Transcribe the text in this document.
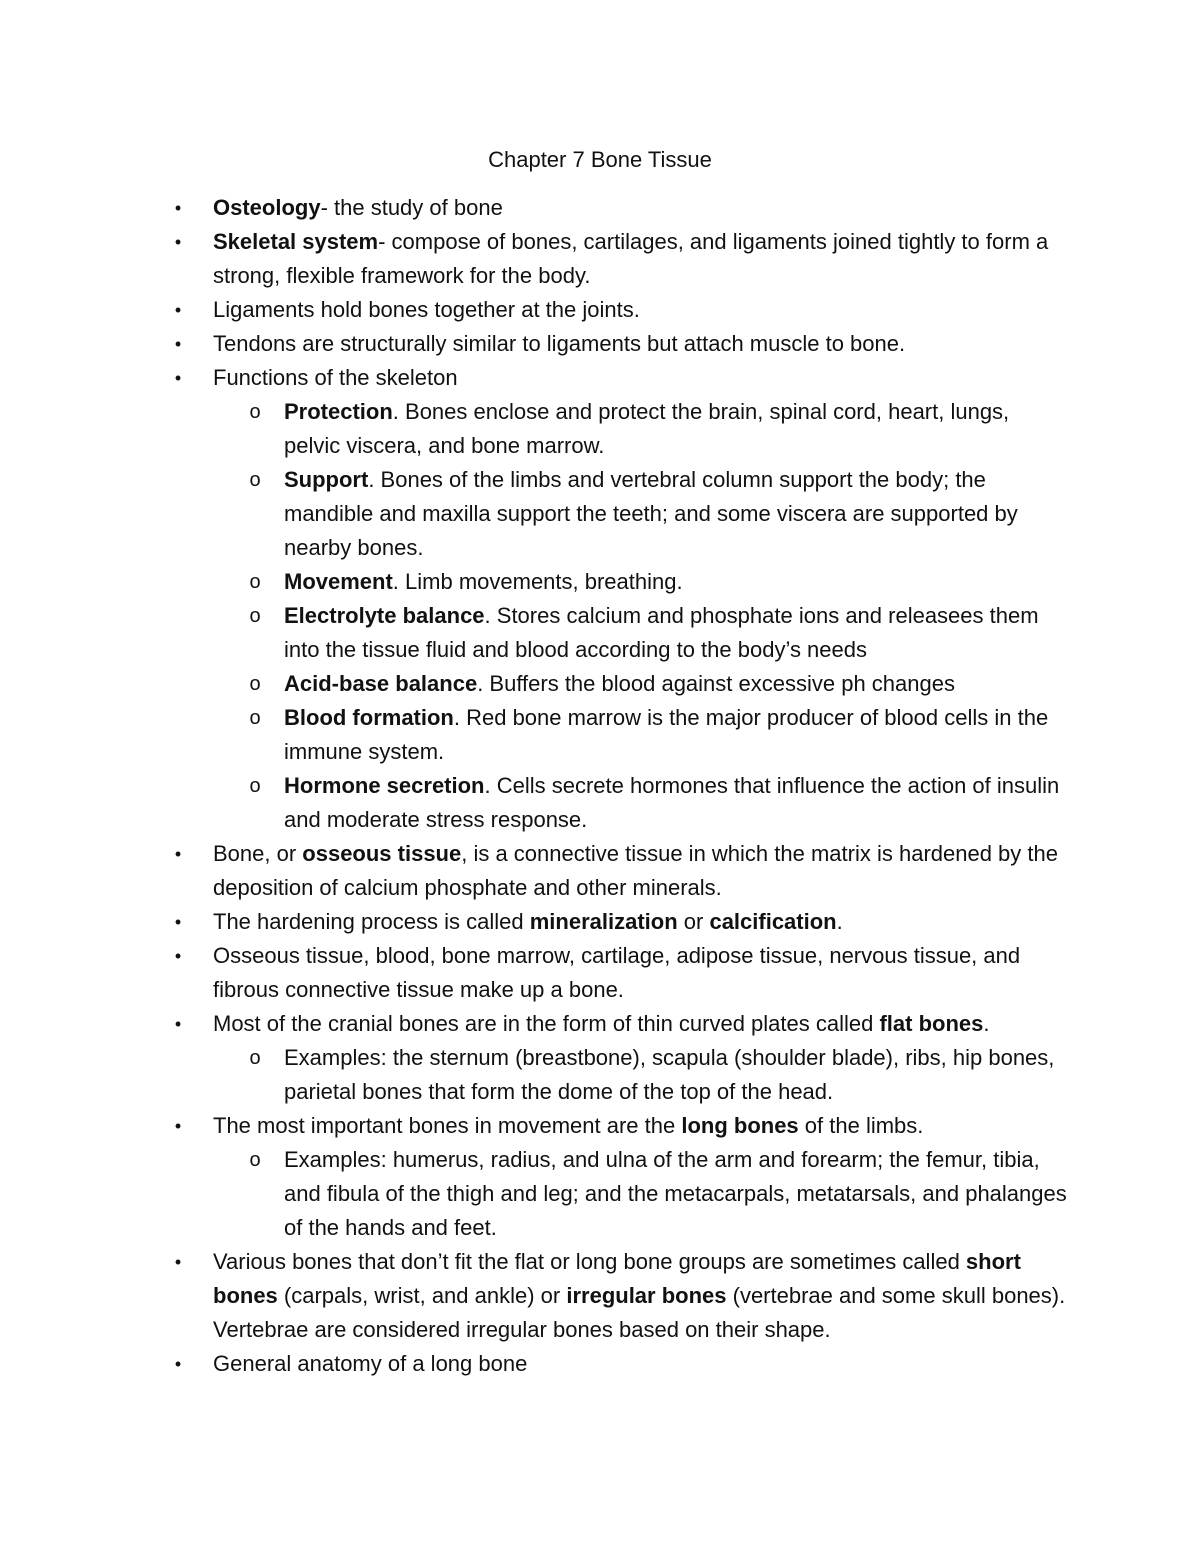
Chapter 7 Bone Tissue
•	Osteology- the study of bone
•	Skeletal system- compose of bones, cartilages, and ligaments joined tightly to form a strong, flexible framework for the body.
•	Ligaments hold bones together at the joints.
•	Tendons are structurally similar to ligaments but attach muscle to bone.
•	Functions of the skeleton
o Protection. Bones enclose and protect the brain, spinal cord, heart, lungs, pelvic viscera, and bone marrow.
o Support. Bones of the limbs and vertebral column support the body; the mandible and maxilla support the teeth; and some viscera are supported by nearby bones.
o Movement. Limb movements, breathing.
o Electrolyte balance. Stores calcium and phosphate ions and releasees them into the tissue fluid and blood according to the body’s needs
o Acid-base balance. Buffers the blood against excessive ph changes
o Blood formation. Red bone marrow is the major producer of blood cells in the immune system.
o Hormone secretion. Cells secrete hormones that influence the action of insulin and moderate stress response.
•	Bone, or osseous tissue, is a connective tissue in which the matrix is hardened by the deposition of calcium phosphate and other minerals.
•	The hardening process is called mineralization or calcification.
•	Osseous tissue, blood, bone marrow, cartilage, adipose tissue, nervous tissue, and fibrous connective tissue make up a bone.
•	Most of the cranial bones are in the form of thin curved plates called flat bones.
o Examples: the sternum (breastbone), scapula (shoulder blade), ribs, hip bones, parietal bones that form the dome of the top of the head.
•	The most important bones in movement are the long bones of the limbs.
o Examples: humerus, radius, and ulna of the arm and forearm; the femur, tibia, and fibula of the thigh and leg; and the metacarpals, metatarsals, and phalanges of the hands and feet.
•	Various bones that don’t fit the flat or long bone groups are sometimes called short bones (carpals, wrist, and ankle) or irregular bones (vertebrae and some skull bones). Vertebrae are considered irregular bones based on their shape.
•	General anatomy of a long bone
